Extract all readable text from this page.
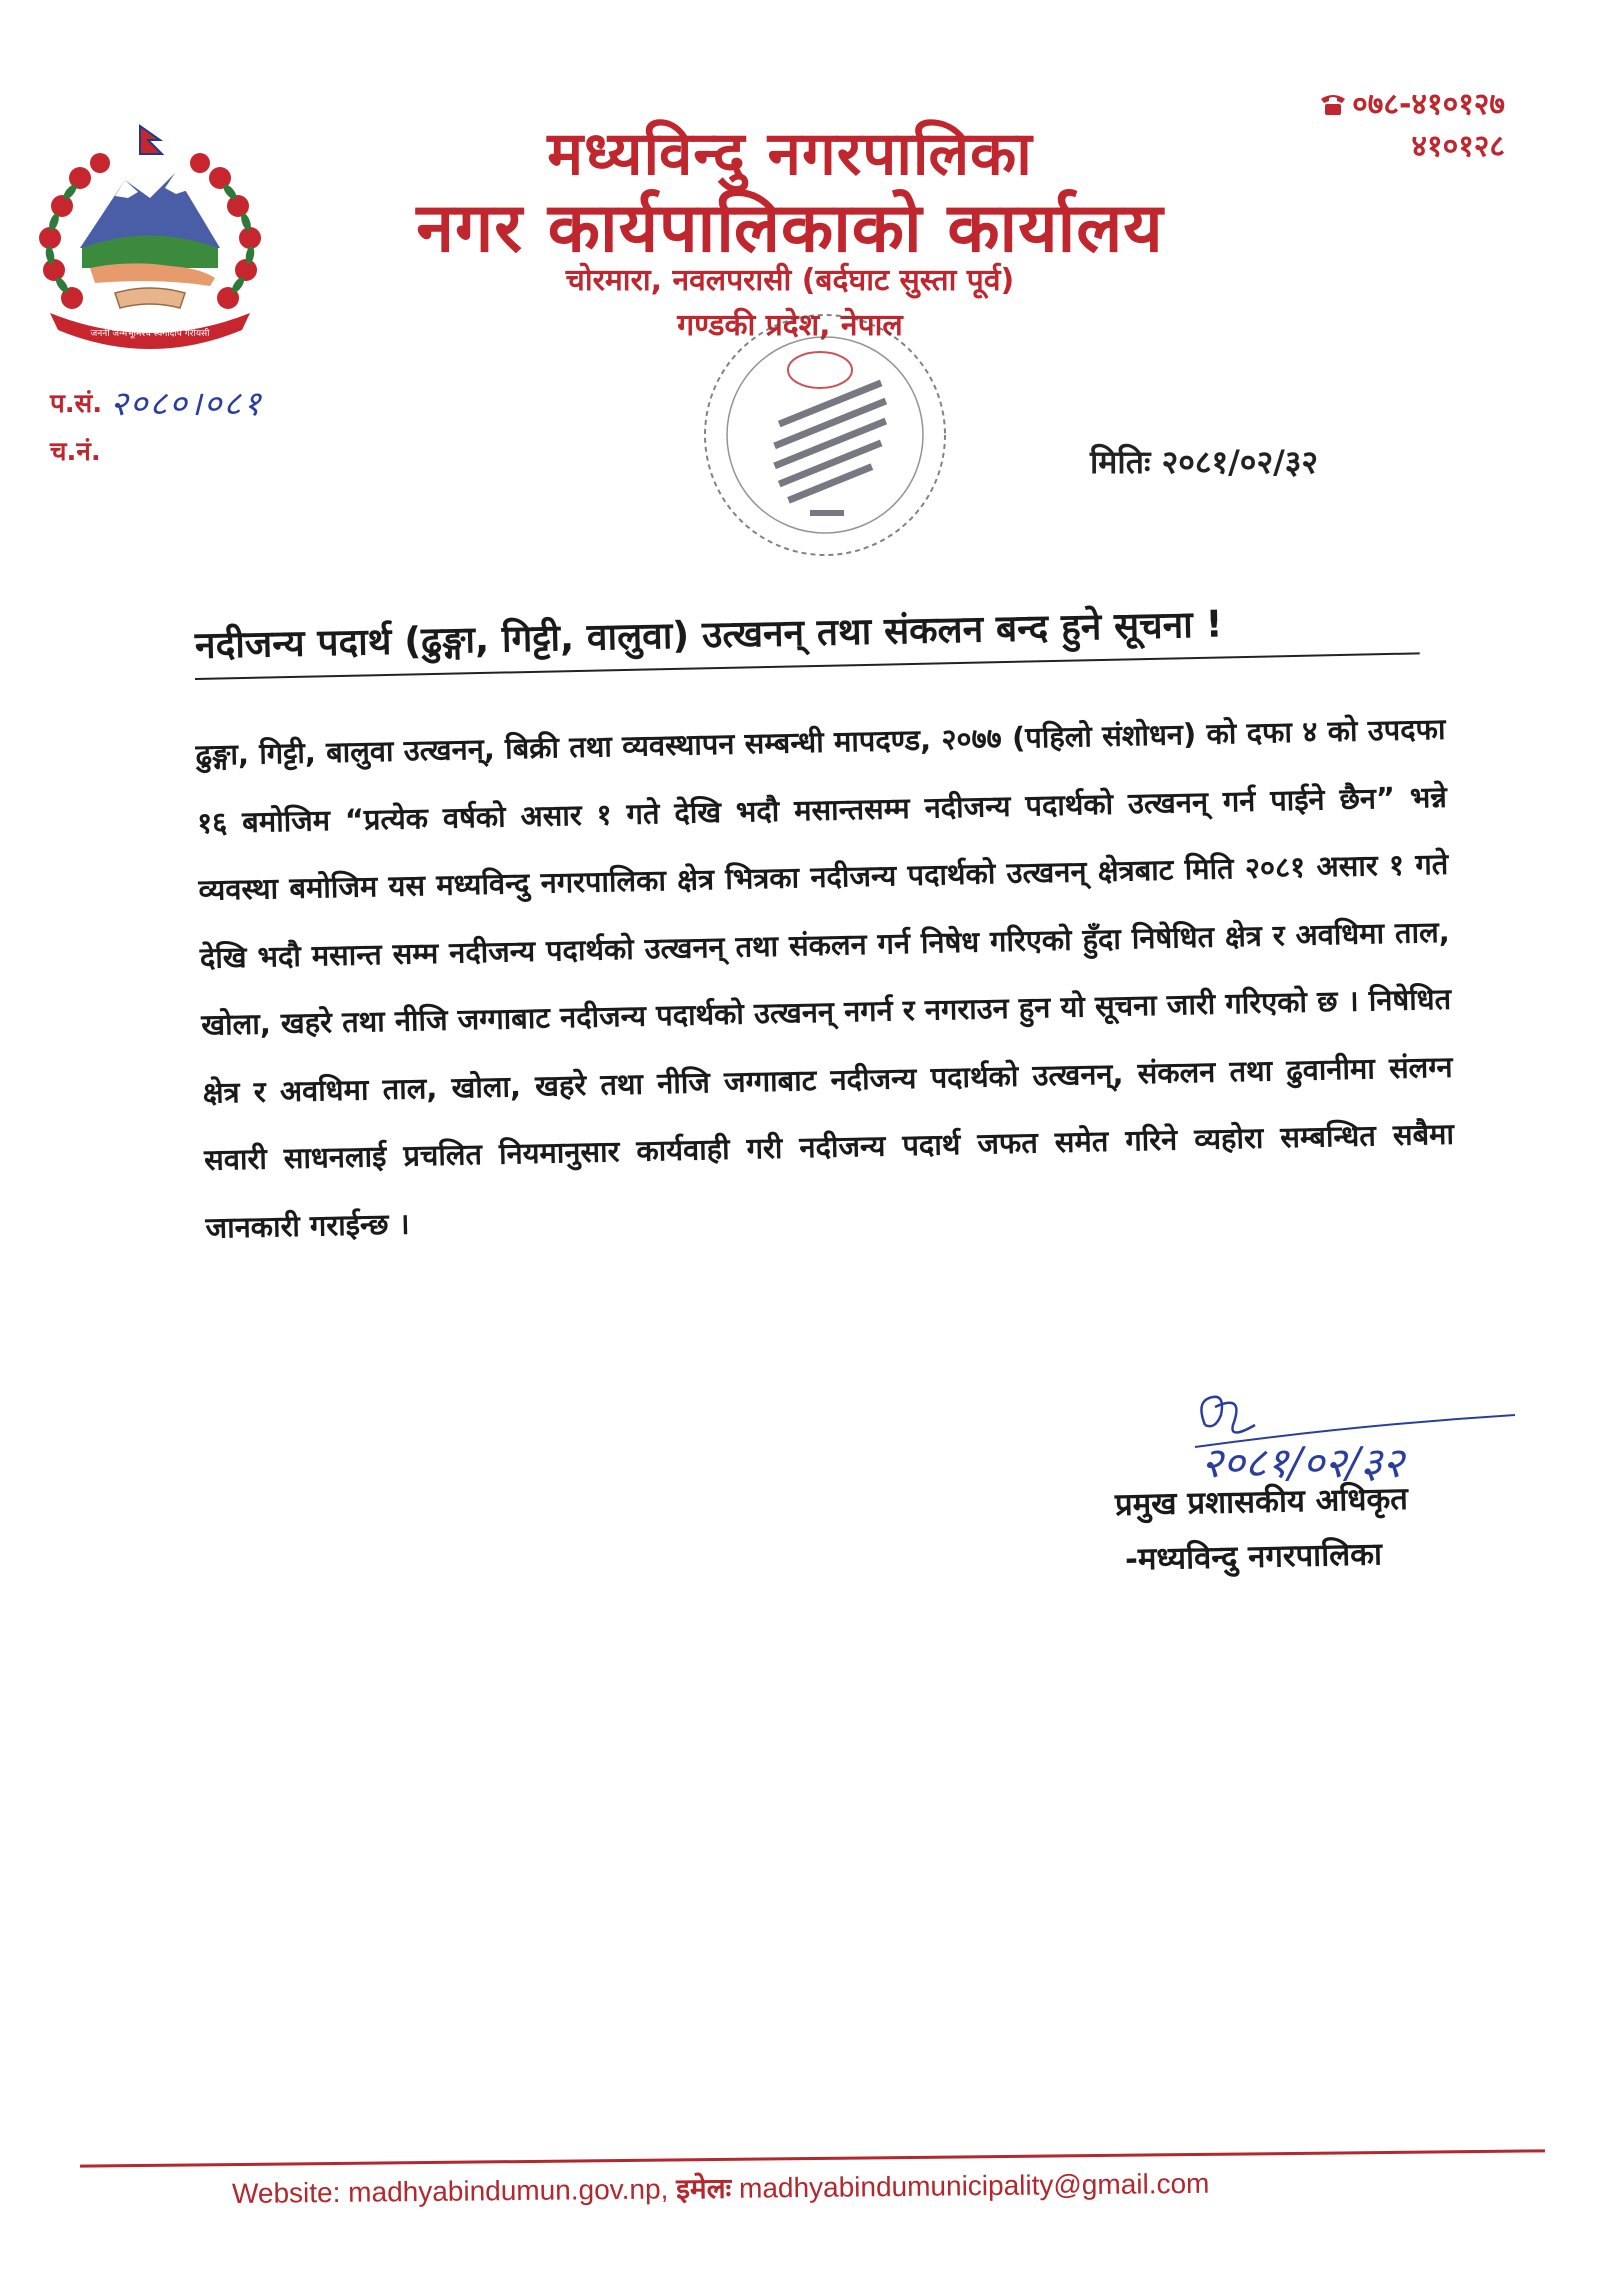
जननी जन्मभूमिश्च स्वर्गादपि गरीयसी
मध्यविन्दु नगरपालिका
नगर कार्यपालिकाको कार्यालय
चोरमारा, नवलपरासी (बर्दघाट सुस्ता पूर्व)
गण्डकी प्रदेश, नेपाल
०७८-४१०१२७
४१०१२८
प.सं. २०८०।०८१
च.नं.	मितिः २०८१/०२/३२
नदीजन्य पदार्थ (ढुङ्गा, गिट्टी, वालुवा) उत्खनन् तथा संकलन बन्द हुने सूचना !
ढुङ्गा, गिट्टी, बालुवा उत्खनन्, बिक्री तथा व्यवस्थापन सम्बन्धी मापदण्ड, २०७७ (पहिलो संशोधन) को दफा ४ को उपदफा १६ बमोजिम “प्रत्येक वर्षको असार १ गते देखि भदौ मसान्तसम्म नदीजन्य पदार्थको उत्खनन् गर्न पाईने छैन” भन्ने व्यवस्था बमोजिम यस मध्यविन्दु नगरपालिका क्षेत्र भित्रका नदीजन्य पदार्थको उत्खनन् क्षेत्रबाट मिति २०८१ असार १ गते देखि भदौ मसान्त सम्म नदीजन्य पदार्थको उत्खनन् तथा संकलन गर्न निषेध गरिएको हुँदा निषेधित क्षेत्र र अवधिमा ताल, खोला, खहरे तथा नीजि जग्गाबाट नदीजन्य पदार्थको उत्खनन् नगर्न र नगराउन हुन यो सूचना जारी गरिएको छ । निषेधित क्षेत्र र अवधिमा ताल, खोला, खहरे तथा नीजि जग्गाबाट नदीजन्य पदार्थको उत्खनन्, संकलन तथा ढुवानीमा संलग्न सवारी साधनलाई प्रचलित नियमानुसार कार्यवाही गरी नदीजन्य पदार्थ जफत समेत गरिने व्यहोरा सम्बन्धित सबैमा जानकारी गराईन्छ ।
२०८१/०२/३२
प्रमुख प्रशासकीय अधिकृत
-मध्यविन्दु नगरपालिका
Website: madhyabindumun.gov.np, इमेलः madhyabindumunicipality@gmail.com
